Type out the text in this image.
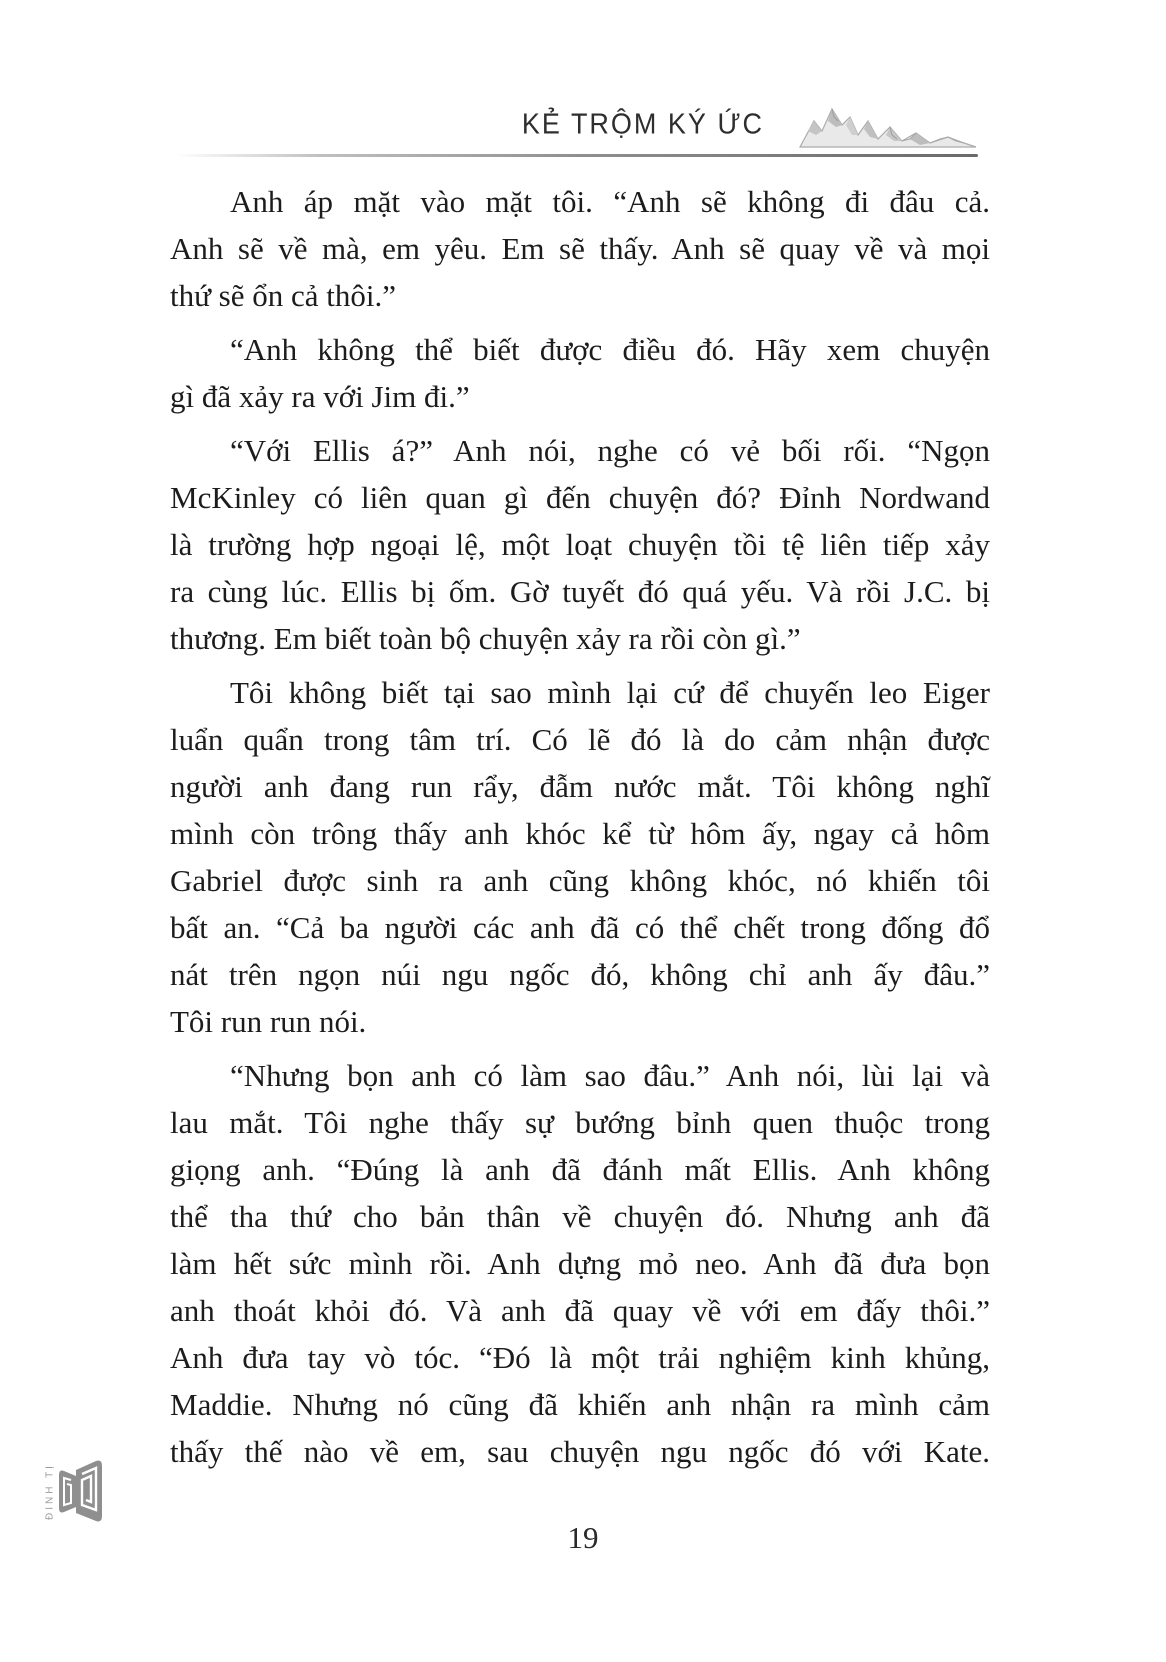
KẺ TRỘM KÝ ỨC
Anh áp mặt vào mặt tôi. “Anh sẽ không đi đâu cả.
Anh sẽ về mà, em yêu. Em sẽ thấy. Anh sẽ quay về và mọi
thứ sẽ ổn cả thôi.”
“Anh không thể biết được điều đó. Hãy xem chuyện
gì đã xảy ra với Jim đi.”
“Với Ellis á?” Anh nói, nghe có vẻ bối rối. “Ngọn
McKinley có liên quan gì đến chuyện đó? Đỉnh Nordwand
là trường hợp ngoại lệ, một loạt chuyện tồi tệ liên tiếp xảy
ra cùng lúc. Ellis bị ốm. Gờ tuyết đó quá yếu. Và rồi J.C. bị
thương. Em biết toàn bộ chuyện xảy ra rồi còn gì.”
Tôi không biết tại sao mình lại cứ để chuyến leo Eiger
luẩn quẩn trong tâm trí. Có lẽ đó là do cảm nhận được
người anh đang run rẩy, đẫm nước mắt. Tôi không nghĩ
mình còn trông thấy anh khóc kể từ hôm ấy, ngay cả hôm
Gabriel được sinh ra anh cũng không khóc, nó khiến tôi
bất an. “Cả ba người các anh đã có thể chết trong đống đổ
nát trên ngọn núi ngu ngốc đó, không chỉ anh ấy đâu.”
Tôi run run nói.
“Nhưng bọn anh có làm sao đâu.” Anh nói, lùi lại và
lau mắt. Tôi nghe thấy sự bướng bỉnh quen thuộc trong
giọng anh. “Đúng là anh đã đánh mất Ellis. Anh không
thể tha thứ cho bản thân về chuyện đó. Nhưng anh đã
làm hết sức mình rồi. Anh dựng mỏ neo. Anh đã đưa bọn
anh thoát khỏi đó. Và anh đã quay về với em đấy thôi.”
Anh đưa tay vò tóc. “Đó là một trải nghiệm kinh khủng,
Maddie. Nhưng nó cũng đã khiến anh nhận ra mình cảm
thấy thế nào về em, sau chuyện ngu ngốc đó với Kate.
ĐINH TỊ
19
